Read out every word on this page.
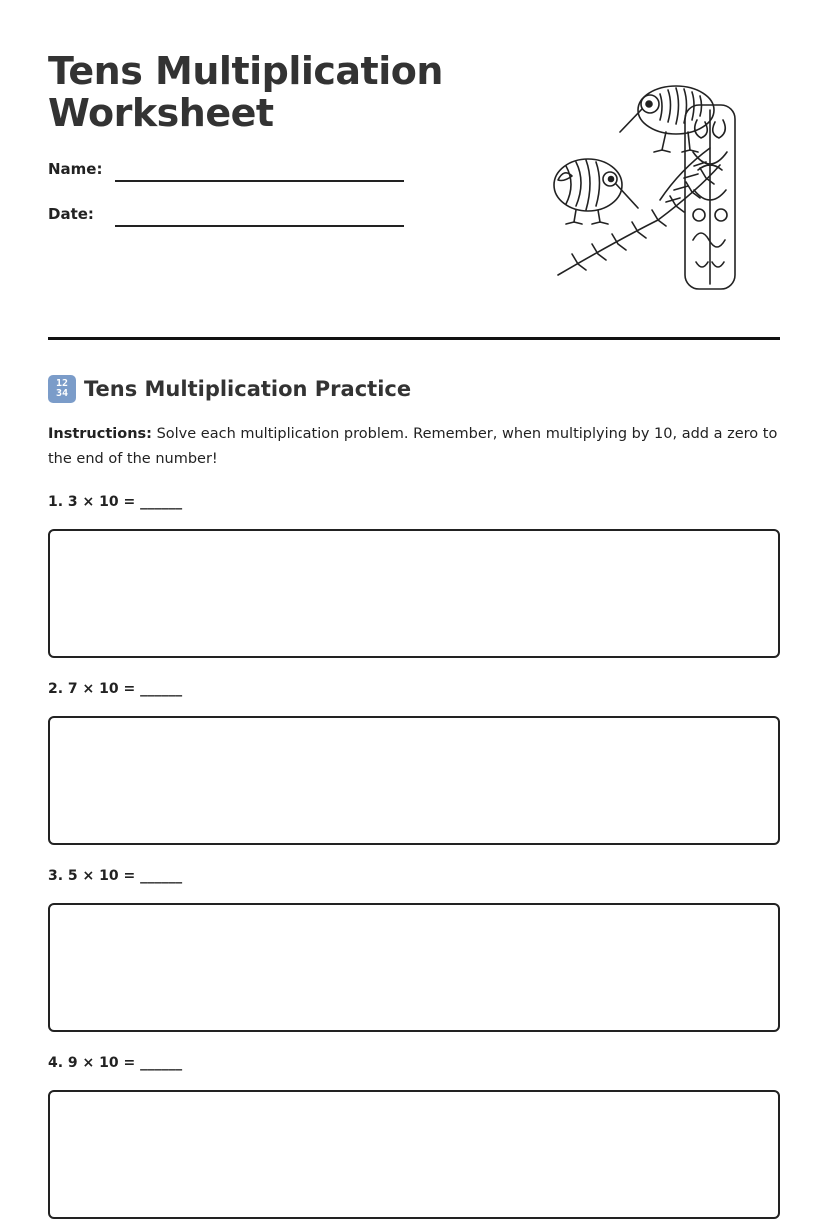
Tens Multiplication
Worksheet
Name:
Date:
12
34 Tens Multiplication Practice

Instructions: Solve each multiplication problem. Remember, when multiplying by 10, add a zero to the end of the number!

1. 3 × 10 = ______
2. 7 × 10 = ______
3. 5 × 10 = ______
4. 9 × 10 = ______
